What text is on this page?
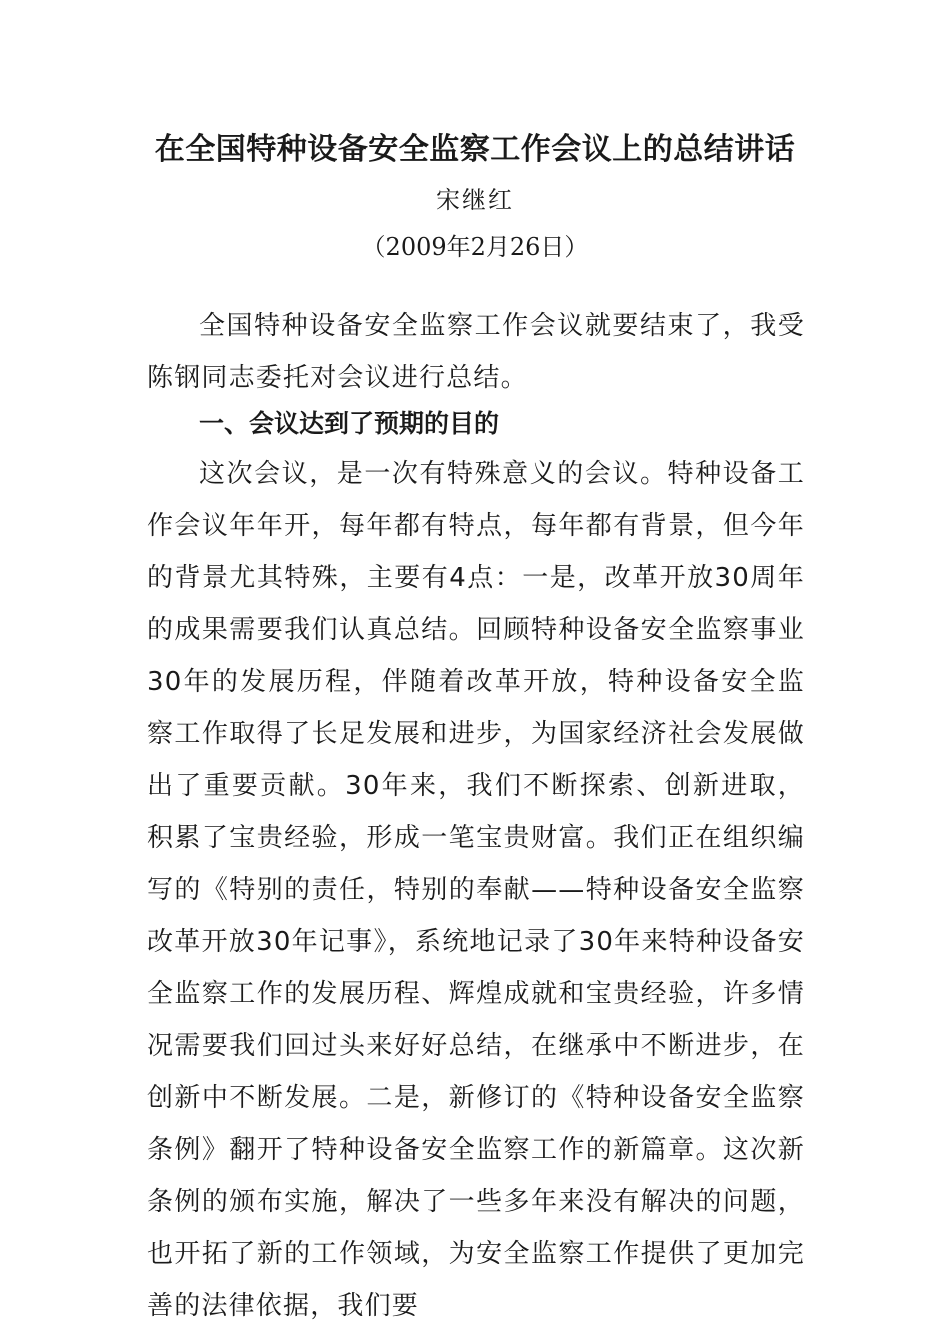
在全国特种设备安全监察工作会议上的总结讲话
宋继红
（2009年2月26日）

全国特种设备安全监察工作会议就要结束了，我受陈钢同志委托对会议进行总结。

一、会议达到了预期的目的

这次会议，是一次有特殊意义的会议。特种设备工作会议年年开，每年都有特点，每年都有背景，但今年的背景尤其特殊，主要有4点：一是，改革开放30周年的成果需要我们认真总结。回顾特种设备安全监察事业30年的发展历程，伴随着改革开放，特种设备安全监察工作取得了长足发展和进步，为国家经济社会发展做出了重要贡献。30年来，我们不断探索、创新进取，积累了宝贵经验，形成一笔宝贵财富。我们正在组织编写的《特别的责任，特别的奉献——特种设备安全监察改革开放30年记事》，系统地记录了30年来特种设备安全监察工作的发展历程、辉煌成就和宝贵经验，许多情况需要我们回过头来好好总结，在继承中不断进步，在创新中不断发展。二是，新修订的《特种设备安全监察条例》翻开了特种设备安全监察工作的新篇章。这次新条例的颁布实施，解决了一些多年来没有解决的问题，也开拓了新的工作领域，为安全监察工作提供了更加完善的法律依据，我们要
